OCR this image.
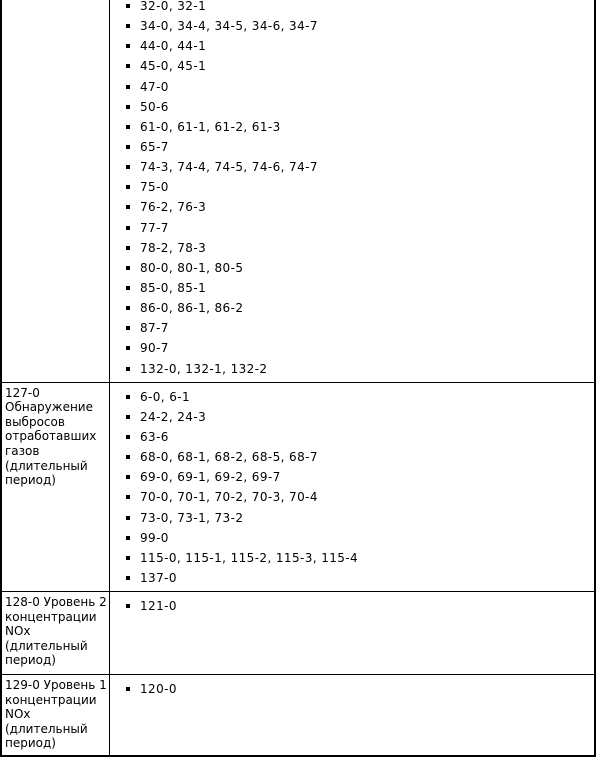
32-0, 32-1
34-0, 34-4, 34-5, 34-6, 34-7
44-0, 44-1
45-0, 45-1
47-0
50-6
61-0, 61-1, 61-2, 61-3
65-7
74-3, 74-4, 74-5, 74-6, 74-7
75-0
76-2, 76-3
77-7
78-2, 78-3
80-0, 80-1, 80-5
85-0, 85-1
86-0, 86-1, 86-2
87-7
90-7
132-0, 132-1, 132-2
127-0 Обнаружение выбросов отработавших газов (длительный период)
6-0, 6-1
24-2, 24-3
63-6
68-0, 68-1, 68-2, 68-5, 68-7
69-0, 69-1, 69-2, 69-7
70-0, 70-1, 70-2, 70-3, 70-4
73-0, 73-1, 73-2
99-0
115-0, 115-1, 115-2, 115-3, 115-4
137-0
128-0 Уровень 2 концентрации NOx (длительный период)
121-0
129-0 Уровень 1 концентрации NOx (длительный период)
120-0
